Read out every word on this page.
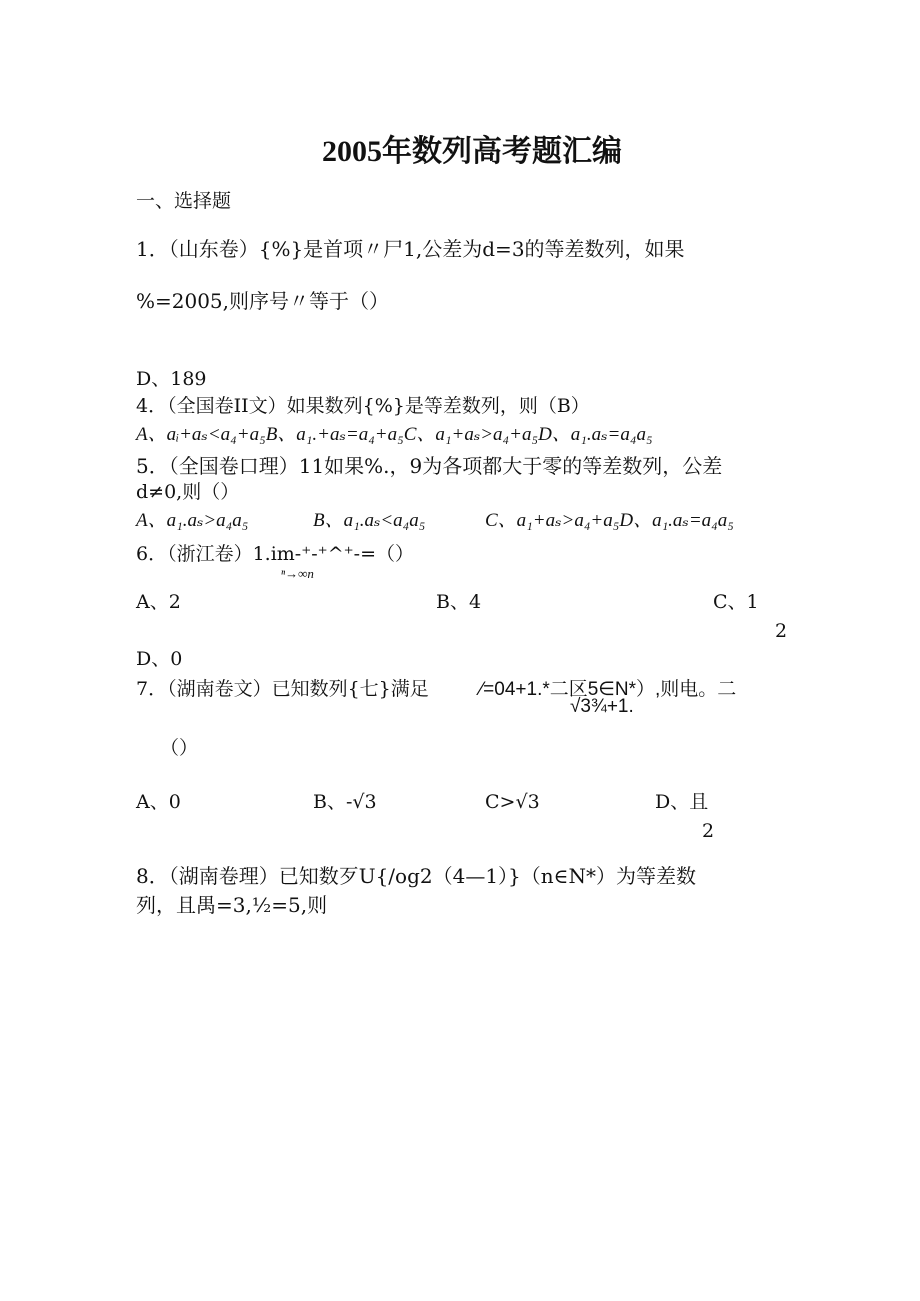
2005年数列高考题汇编
一、选择题
1．（山东卷）{%}是首项〃尸1,公差为d=3的等差数列，如果
%=2005,则序号〃等于（）
D、189
4．（全国卷II文）如果数列{%}是等差数列，则（B）
A、aᵢ+aₛ<a₄+a₅B、a₁.+aₛ=a₄+a₅C、a₁+aₛ>a₄+a₅D、a₁.aₛ=a₄a₅
5．（全国卷口理）11如果%.，9为各项都大于零的等差数列，公差
d≠0,则（）
A、a₁.aₛ>a₄a₅	B、a₁.aₛ<a₄a₅	C、a₁+aₛ>a₄+a₅D、a₁.aₛ=a₄a₅
6．（浙江卷）1.im-⁺-⁺^⁺-=（）
ⁿ→∞n
A、2	B、4	C、1
2
D、0
7．（湖南卷文）已知数列{七}满足	⁄=04+1.*二区5∈N*）,则电。二
√3¾+1.
（）
A、0	B、-√3	C>√3	D、且
2
8．（湖南卷理）已知数歹U{/og2（4—1）}（n∈N*）为等差数
列，且禺=3,½=5,则
